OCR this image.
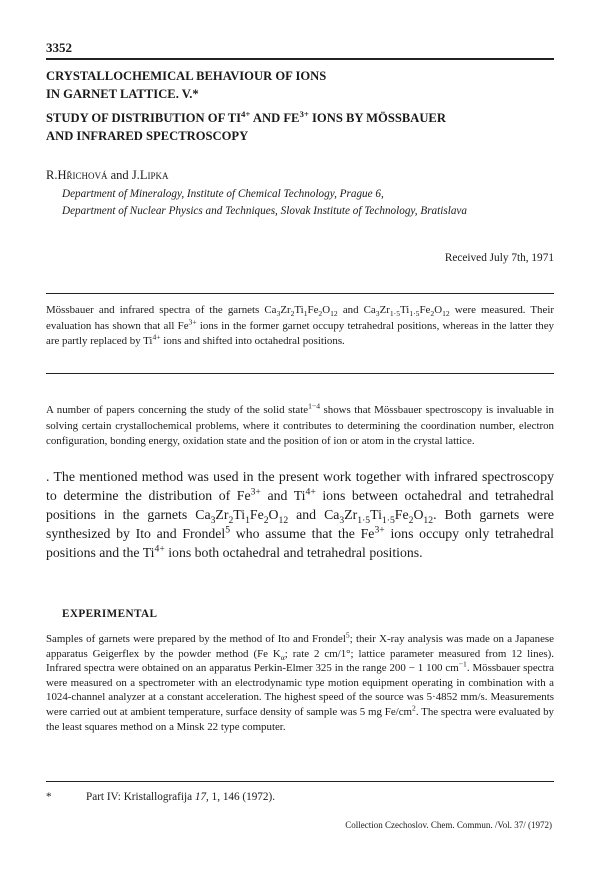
3352
CRYSTALLOCHEMICAL BEHAVIOUR OF IONS
IN GARNET LATTICE. V.*
STUDY OF DISTRIBUTION OF $TI^{4+}$ AND $FE^{3+}$ IONS BY MÖSSBAUER
AND INFRARED SPECTROSCOPY
R.Hřichová and J.Lipka
Department of Mineralogy, Institute of Chemical Technology, Prague 6,
Department of Nuclear Physics and Techniques, Slovak Institute of Technology, Bratislava
Received July 7th, 1971
Mössbauer and infrared spectra of the garnets $Ca_3Zr_2Ti_1Fe_2O_{12}$ and $Ca_3Zr_{1\cdot 5}Ti_{1\cdot 5}Fe_2O_{12}$ were measured. Their evaluation has shown that all $Fe^{3+}$ ions in the former garnet occupy tetrahedral positions, whereas in the latter they are partly replaced by $Ti^{4+}$ ions and shifted into octahedral positions.
A number of papers concerning the study of the solid state$^{1-4}$ shows that Mössbauer spectroscopy is invaluable in solving certain crystallochemical problems, where it contributes to determining the coordination number, electron configuration, bonding energy, oxidation state and the position of ion or atom in the crystal lattice.
. The mentioned method was used in the present work together with infrared spectroscopy to determine the distribution of $Fe^{3+}$ and $Ti^{4+}$ ions between octahedral and tetrahedral positions in the garnets $Ca_3Zr_2Ti_1Fe_2O_{12}$ and $Ca_3Zr_{1\cdot 5}Ti_{1\cdot 5}Fe_2O_{12}$. Both garnets were synthesized by Ito and Frondel$^5$ who assume that the $Fe^{3+}$ ions occupy only tetrahedral positions and the $Ti^{4+}$ ions both octahedral and tetrahedral positions.
EXPERIMENTAL
Samples of garnets were prepared by the method of Ito and Frondel$^5$; their X-ray analysis was made on a Japanese apparatus Geigerflex by the powder method (Fe $K_\alpha$; rate 2 cm/1°; lattice parameter measured from 12 lines). Infrared spectra were obtained on an apparatus Perkin-Elmer 325 in the range 200 − 1 100 $cm^{-1}$. Mössbauer spectra were measured on a spectrometer with an electrodynamic type motion equipment operating in combination with a 1024-channel analyzer at a constant acceleration. The highest speed of the source was 5·4852 mm/s. Measurements were carried out at ambient temperature, surface density of sample was 5 mg $Fe/cm^2$. The spectra were evaluated by the least squares method on a Minsk 22 type computer.
*	Part IV: Kristallografija 17, 1, 146 (1972).
Collection Czechoslov. Chem. Commun. /Vol. 37/ (1972)
